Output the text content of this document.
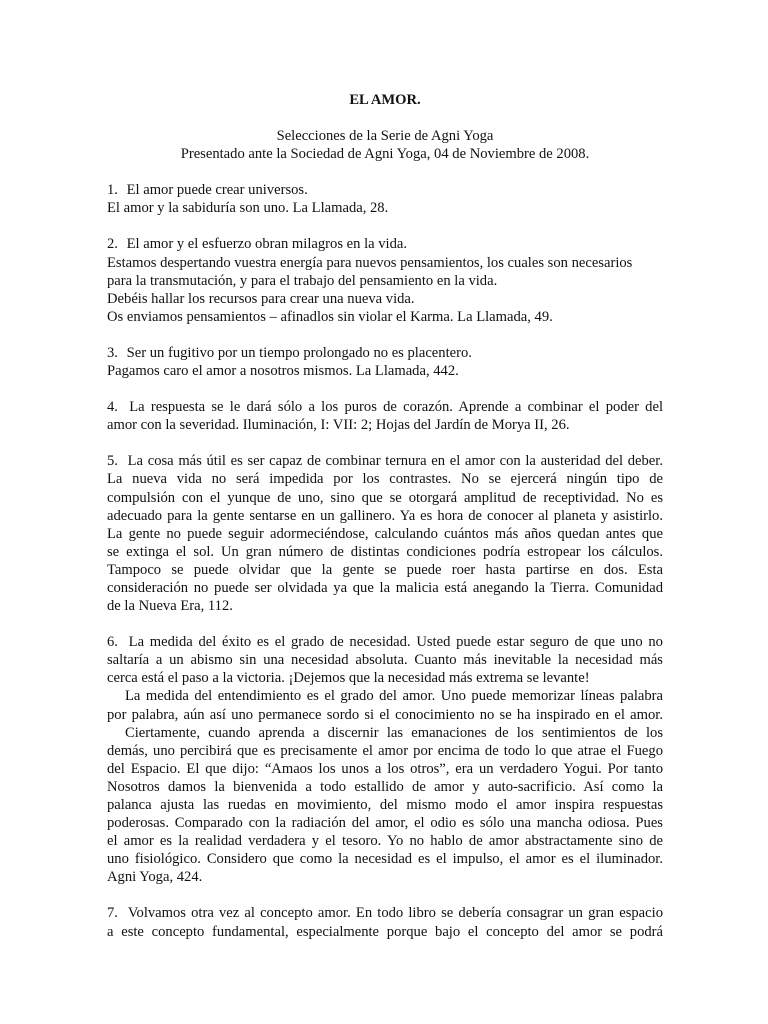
EL AMOR.
Selecciones de la Serie de Agni Yoga
Presentado ante la Sociedad de Agni Yoga, 04 de Noviembre de 2008.
1. El amor puede crear universos.
El amor y la sabiduría son uno. La Llamada, 28.
2. El amor y el esfuerzo obran milagros en la vida.
Estamos despertando vuestra energía para nuevos pensamientos, los cuales son necesarios
para la transmutación, y para el trabajo del pensamiento en la vida.
Debéis hallar los recursos para crear una nueva vida.
Os enviamos pensamientos – afinadlos sin violar el Karma. La Llamada, 49.
3. Ser un fugitivo por un tiempo prolongado no es placentero.
Pagamos caro el amor a nosotros mismos. La Llamada, 442.
4. La respuesta se le dará sólo a los puros de corazón. Aprende a combinar el poder del
amor con la severidad. Iluminación, I: VII: 2; Hojas del Jardín de Morya II, 26.
5. La cosa más útil es ser capaz de combinar ternura en el amor con la austeridad del deber.
La nueva vida no será impedida por los contrastes. No se ejercerá ningún tipo de
compulsión con el yunque de uno, sino que se otorgará amplitud de receptividad. No es
adecuado para la gente sentarse en un gallinero. Ya es hora de conocer al planeta y asistirlo.
La gente no puede seguir adormeciéndose, calculando cuántos más años quedan antes que
se extinga el sol. Un gran número de distintas condiciones podría estropear los cálculos.
Tampoco se puede olvidar que la gente se puede roer hasta partirse en dos. Esta
consideración no puede ser olvidada ya que la malicia está anegando la Tierra. Comunidad
de la Nueva Era, 112.
6. La medida del éxito es el grado de necesidad. Usted puede estar seguro de que uno no
saltaría a un abismo sin una necesidad absoluta. Cuanto más inevitable la necesidad más
cerca está el paso a la victoria. ¡Dejemos que la necesidad más extrema se levante!
La medida del entendimiento es el grado del amor. Uno puede memorizar líneas palabra
por palabra, aún así uno permanece sordo si el conocimiento no se ha inspirado en el amor.
Ciertamente, cuando aprenda a discernir las emanaciones de los sentimientos de los
demás, uno percibirá que es precisamente el amor por encima de todo lo que atrae el Fuego
del Espacio. El que dijo: “Amaos los unos a los otros”, era un verdadero Yogui. Por tanto
Nosotros damos la bienvenida a todo estallido de amor y auto-sacrificio. Así como la
palanca ajusta las ruedas en movimiento, del mismo modo el amor inspira respuestas
poderosas. Comparado con la radiación del amor, el odio es sólo una mancha odiosa. Pues
el amor es la realidad verdadera y el tesoro. Yo no hablo de amor abstractamente sino de
uno fisiológico. Considero que como la necesidad es el impulso, el amor es el iluminador.
Agni Yoga, 424.
7. Volvamos otra vez al concepto amor. En todo libro se debería consagrar un gran espacio
a este concepto fundamental, especialmente porque bajo el concepto del amor se podrá
